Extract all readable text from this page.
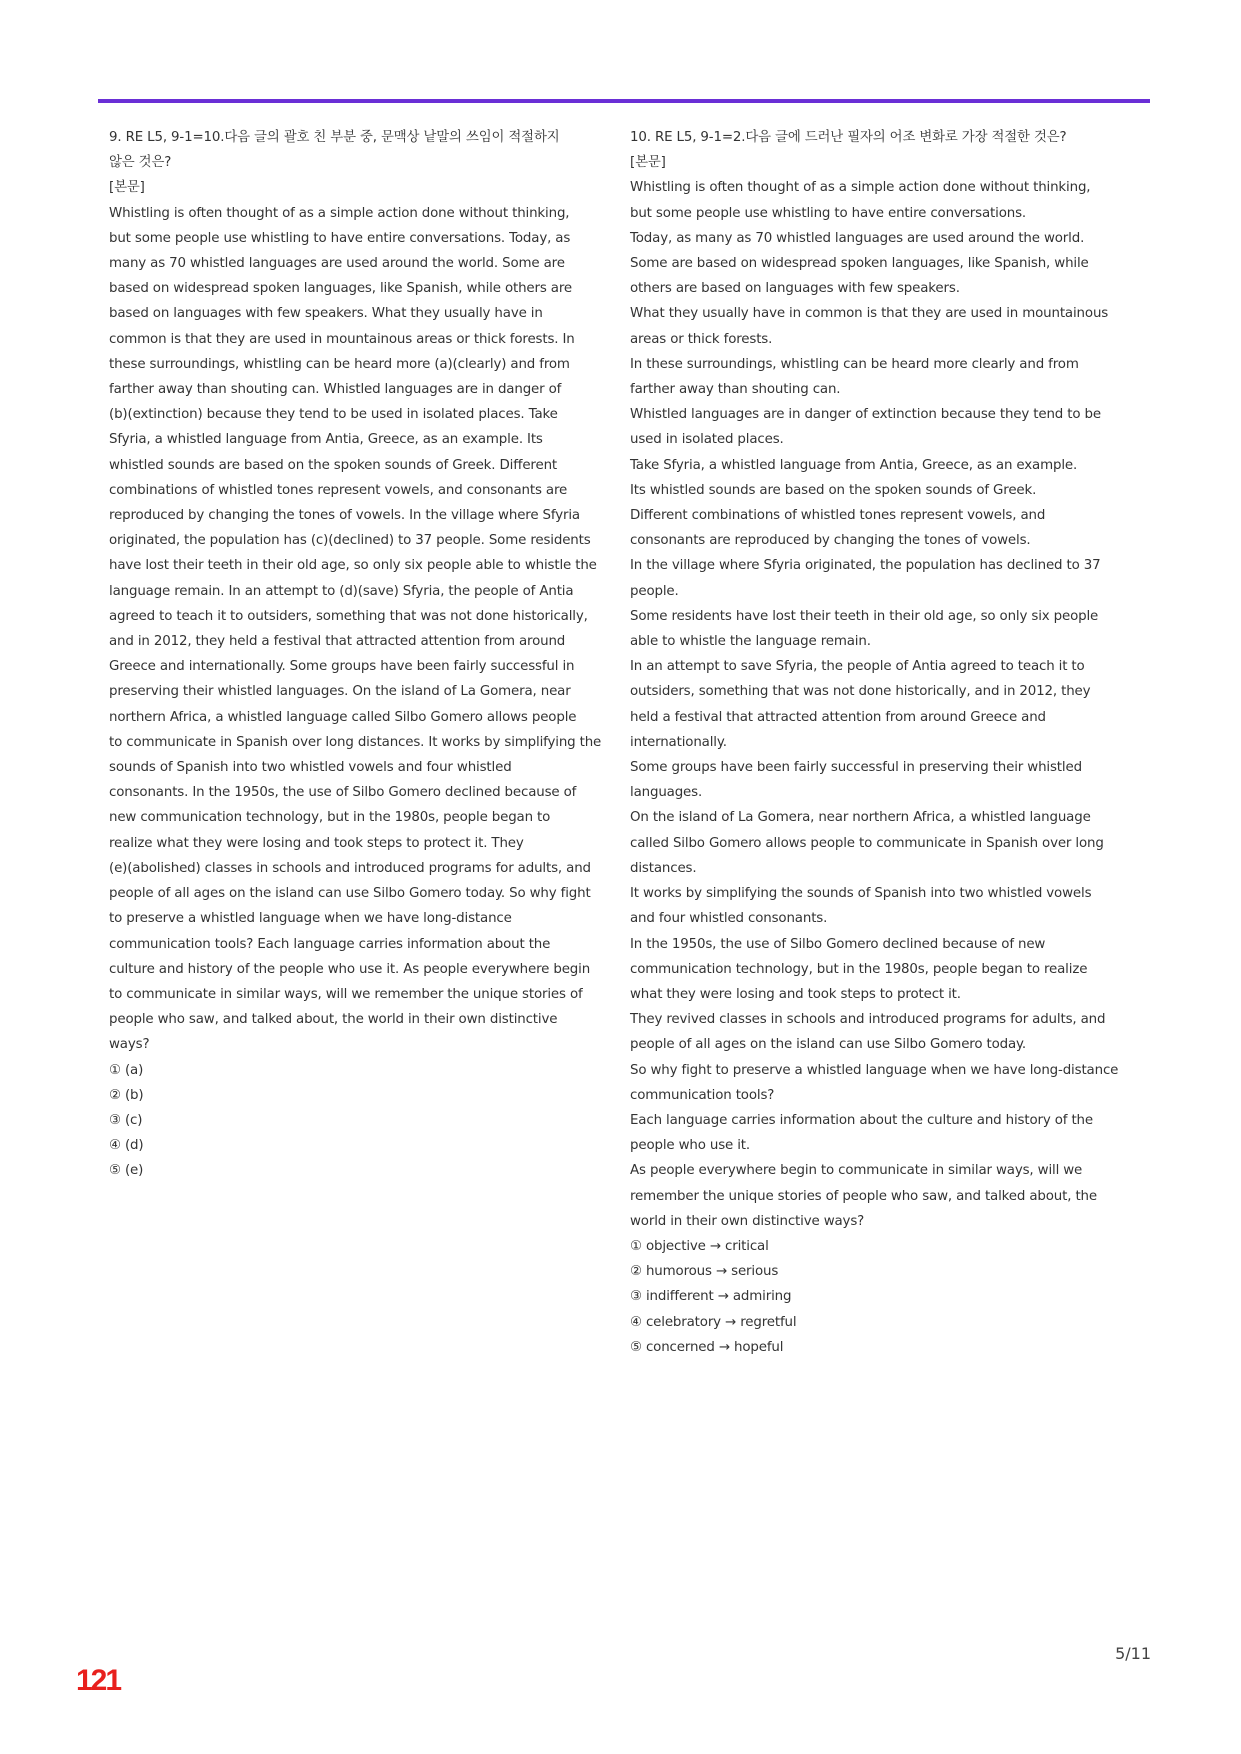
9. RE L5, 9-1=10.다음 글의 괄호 친 부분 중, 문맥상 낱말의 쓰임이 적절하지
않은 것은?
[본문]
Whistling is often thought of as a simple action done without thinking,
but some people use whistling to have entire conversations. Today, as
many as 70 whistled languages are used around the world. Some are
based on widespread spoken languages, like Spanish, while others are
based on languages with few speakers. What they usually have in
common is that they are used in mountainous areas or thick forests. In
these surroundings, whistling can be heard more (a)(clearly) and from
farther away than shouting can. Whistled languages are in danger of
(b)(extinction) because they tend to be used in isolated places. Take
Sfyria, a whistled language from Antia, Greece, as an example. Its
whistled sounds are based on the spoken sounds of Greek. Different
combinations of whistled tones represent vowels, and consonants are
reproduced by changing the tones of vowels. In the village where Sfyria
originated, the population has (c)(declined) to 37 people. Some residents
have lost their teeth in their old age, so only six people able to whistle the
language remain. In an attempt to (d)(save) Sfyria, the people of Antia
agreed to teach it to outsiders, something that was not done historically,
and in 2012, they held a festival that attracted attention from around
Greece and internationally. Some groups have been fairly successful in
preserving their whistled languages. On the island of La Gomera, near
northern Africa, a whistled language called Silbo Gomero allows people
to communicate in Spanish over long distances. It works by simplifying the
sounds of Spanish into two whistled vowels and four whistled
consonants. In the 1950s, the use of Silbo Gomero declined because of
new communication technology, but in the 1980s, people began to
realize what they were losing and took steps to protect it. They
(e)(abolished) classes in schools and introduced programs for adults, and
people of all ages on the island can use Silbo Gomero today. So why fight
to preserve a whistled language when we have long-distance
communication tools? Each language carries information about the
culture and history of the people who use it. As people everywhere begin
to communicate in similar ways, will we remember the unique stories of
people who saw, and talked about, the world in their own distinctive
ways?
① (a)
② (b)
③ (c)
④ (d)
⑤ (e)
10. RE L5, 9-1=2.다음 글에 드러난 필자의 어조 변화로 가장 적절한 것은?
[본문]
Whistling is often thought of as a simple action done without thinking,
but some people use whistling to have entire conversations.
Today, as many as 70 whistled languages are used around the world.
Some are based on widespread spoken languages, like Spanish, while
others are based on languages with few speakers.
What they usually have in common is that they are used in mountainous
areas or thick forests.
In these surroundings, whistling can be heard more clearly and from
farther away than shouting can.
Whistled languages are in danger of extinction because they tend to be
used in isolated places.
Take Sfyria, a whistled language from Antia, Greece, as an example.
Its whistled sounds are based on the spoken sounds of Greek.
Different combinations of whistled tones represent vowels, and
consonants are reproduced by changing the tones of vowels.
In the village where Sfyria originated, the population has declined to 37
people.
Some residents have lost their teeth in their old age, so only six people
able to whistle the language remain.
In an attempt to save Sfyria, the people of Antia agreed to teach it to
outsiders, something that was not done historically, and in 2012, they
held a festival that attracted attention from around Greece and
internationally.
Some groups have been fairly successful in preserving their whistled
languages.
On the island of La Gomera, near northern Africa, a whistled language
called Silbo Gomero allows people to communicate in Spanish over long
distances.
It works by simplifying the sounds of Spanish into two whistled vowels
and four whistled consonants.
In the 1950s, the use of Silbo Gomero declined because of new
communication technology, but in the 1980s, people began to realize
what they were losing and took steps to protect it.
They revived classes in schools and introduced programs for adults, and
people of all ages on the island can use Silbo Gomero today.
So why fight to preserve a whistled language when we have long-distance
communication tools?
Each language carries information about the culture and history of the
people who use it.
As people everywhere begin to communicate in similar ways, will we
remember the unique stories of people who saw, and talked about, the
world in their own distinctive ways?
① objective → critical
② humorous → serious
③ indifferent → admiring
④ celebratory → regretful
⑤ concerned → hopeful
5/11
121
